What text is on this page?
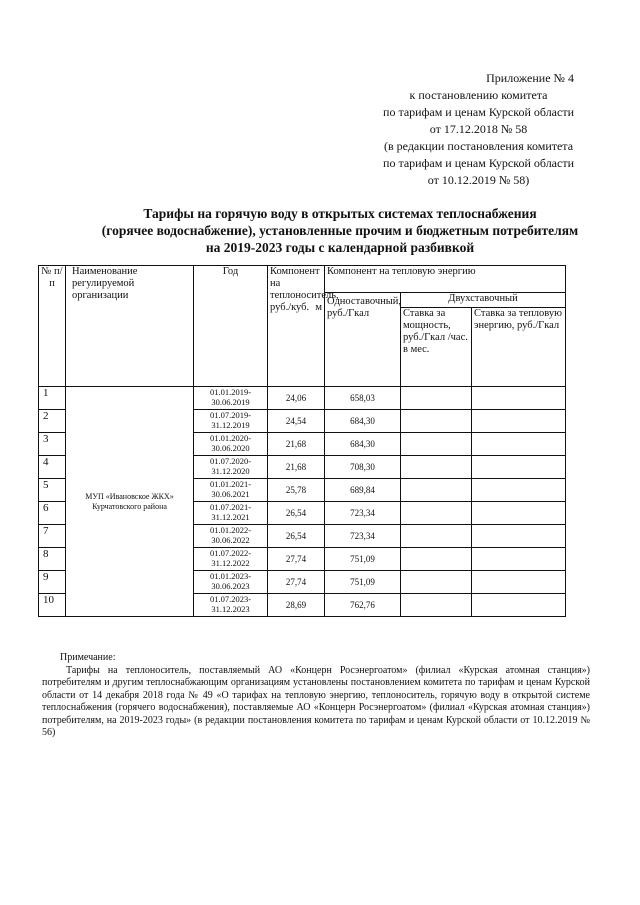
Приложение № 4
к постановлению комитета
по тарифам и ценам Курской области
от 17.12.2018 № 58
(в редакции постановления комитета
по тарифам и ценам Курской области
от 10.12.2019 № 58)
Тарифы на горячую воду в открытых системах теплоснабжения
(горячее водоснабжение), установленные прочим и бюджетным потребителям
на 2019-2023 годы с календарной разбивкой
№ п/п	Наименование регулируемой организации	Год	Компонент на теплоноситель, руб./куб. м	Компонент на тепловую энергию		
				Одноставочный, руб./Гкал	Двухставочный	
					Ставка за мощность, руб./Гкал /час. в мес.	Ставка за тепловую энергию, руб./Гкал
1	МУП «Ивановское ЖКХ» Курчатовского района	01.01.2019-30.06.2019	24,06	658,03		
2		01.07.2019-31.12.2019	24,54	684,30		
3		01.01.2020-30.06.2020	21,68	684,30		
4		01.07.2020-31.12.2020	21,68	708,30		
5		01.01.2021-30.06.2021	25,78	689,84		
6		01.07.2021-31.12.2021	26,54	723,34		
7		01.01.2022-30.06.2022	26,54	723,34		
8		01.07.2022-31.12.2022	27,74	751,09		
9		01.01.2023-30.06.2023	27,74	751,09		
10		01.07.2023-31.12.2023	28,69	762,76		
Примечание:

Тарифы на теплоноситель, поставляемый АО «Концерн Росэнергоатом» (филиал «Курская атомная станция») потребителям и другим теплоснабжающим организациям установлены постановлением комитета по тарифам и ценам Курской области от 14 декабря 2018 года № 49 «О тарифах на тепловую энергию, теплоноситель, горячую воду в открытой системе теплоснабжения (горячего водоснабжения), поставляемые АО «Концерн Росэнергоатом» (филиал «Курская атомная станция») потребителям, на 2019-2023 годы» (в редакции постановления комитета по тарифам и ценам Курской области от 10.12.2019 № 56)
